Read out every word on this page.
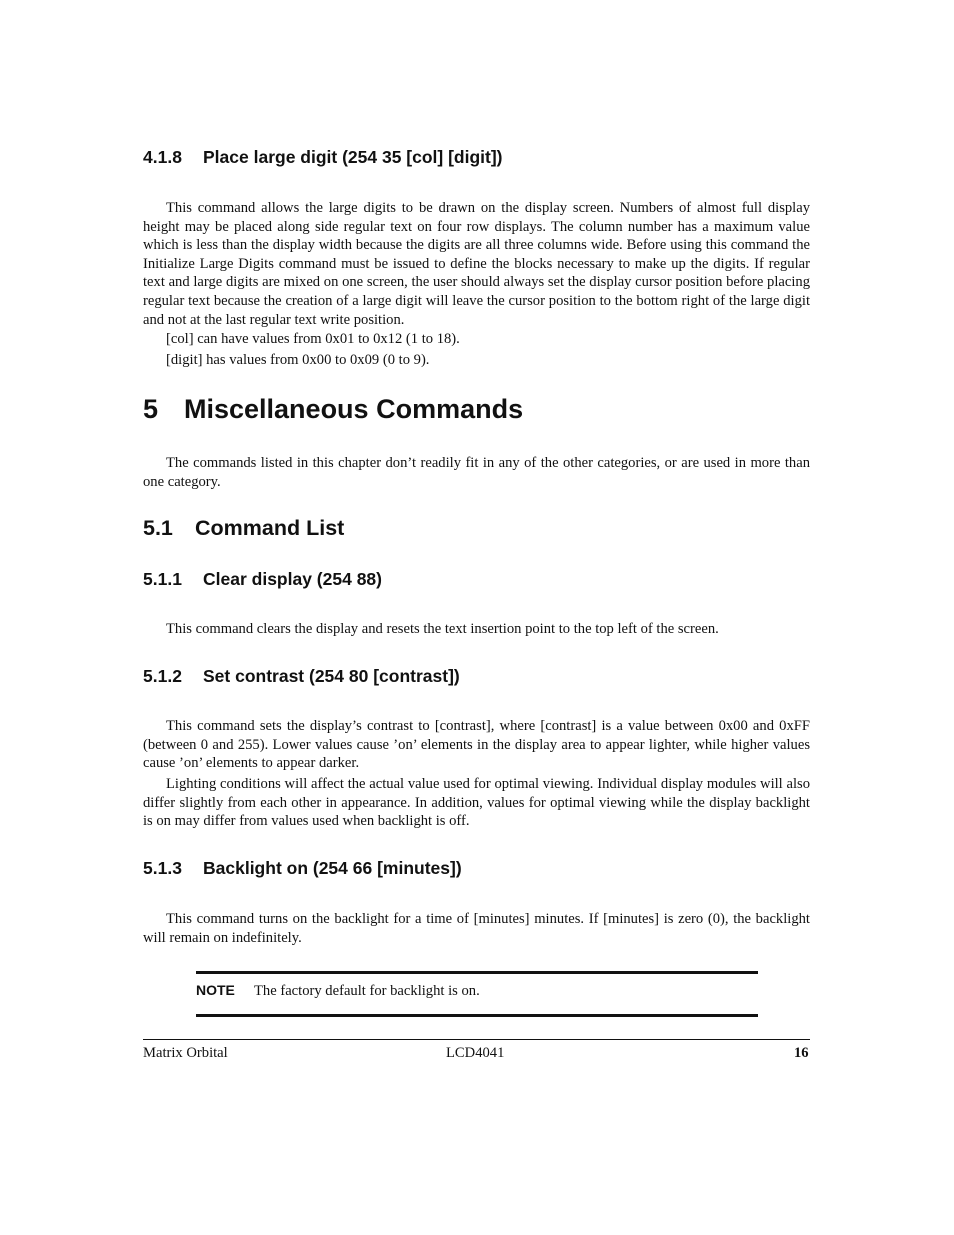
4.1.8 Place large digit (254 35 [col] [digit])

This command allows the large digits to be drawn on the display screen. Numbers of almost full display height may be placed along side regular text on four row displays. The column number has a maximum value which is less than the display width because the digits are all three columns wide. Before using this command the Initialize Large Digits command must be issued to define the blocks necessary to make up the digits. If regular text and large digits are mixed on one screen, the user should always set the display cursor position before placing regular text because the creation of a large digit will leave the cursor position to the bottom right of the large digit and not at the last regular text write position.

[col] can have values from 0x01 to 0x12 (1 to 18).

[digit] has values from 0x00 to 0x09 (0 to 9).

5 Miscellaneous Commands

The commands listed in this chapter don’t readily fit in any of the other categories, or are used in more than one category.

5.1 Command List
5.1.1 Clear display (254 88)

This command clears the display and resets the text insertion point to the top left of the screen.

5.1.2 Set contrast (254 80 [contrast])

This command sets the display’s contrast to [contrast], where [contrast] is a value between 0x00 and 0xFF (between 0 and 255). Lower values cause ’on’ elements in the display area to appear lighter, while higher values cause ’on’ elements to appear darker.

Lighting conditions will affect the actual value used for optimal viewing. Individual display modules will also differ slightly from each other in appearance. In addition, values for optimal viewing while the display backlight is on may differ from values used when backlight is off.

5.1.3 Backlight on (254 66 [minutes])

This command turns on the backlight for a time of [minutes] minutes. If [minutes] is zero (0), the backlight will remain on indefinitely.

NOTE The factory default for backlight is on.
Matrix Orbital	LCD4041	16
